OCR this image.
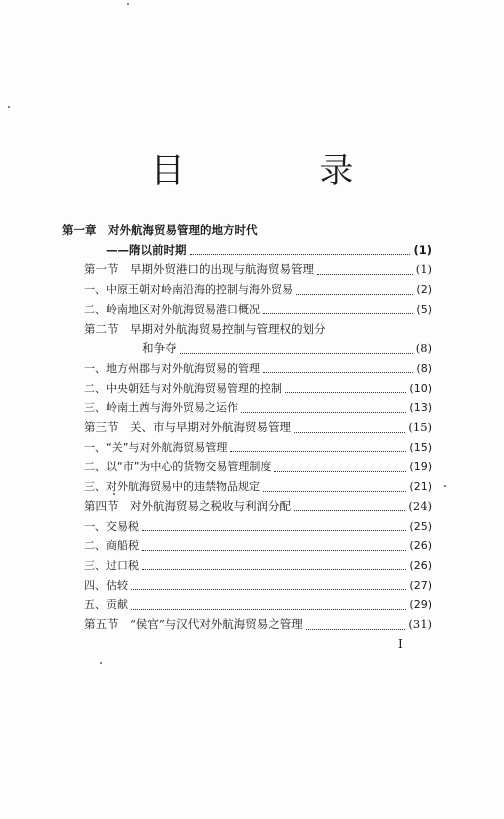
目 录
第一章　对外航海贸易管理的地方时代
——隋以前时期	(1)
第一节　早期外贸港口的出现与航海贸易管理	(1)
一、中原王朝对岭南沿海的控制与海外贸易	(2)
二、岭南地区对外航海贸易港口概况	(5)
第二节　早期对外航海贸易控制与管理权的划分
和争夺	(8)
一、地方州郡与对外航海贸易的管理	(8)
二、中央朝廷与对外航海贸易管理的控制	(10)
三、岭南土酋与海外贸易之运作	(13)
第三节　关、市与早期对外航海贸易管理	(15)
一、“关”与对外航海贸易管理	(15)
二、以“市”为中心的货物交易管理制度	(19)
三、对外航海贸易中的违禁物品规定	(21)
第四节　对外航海贸易之税收与利润分配	(24)
一、交易税	(25)
二、商船税	(26)
三、过口税	(26)
四、估较	(27)
五、贡献	(29)
第五节　“侯官”与汉代对外航海贸易之管理	(31)
I
